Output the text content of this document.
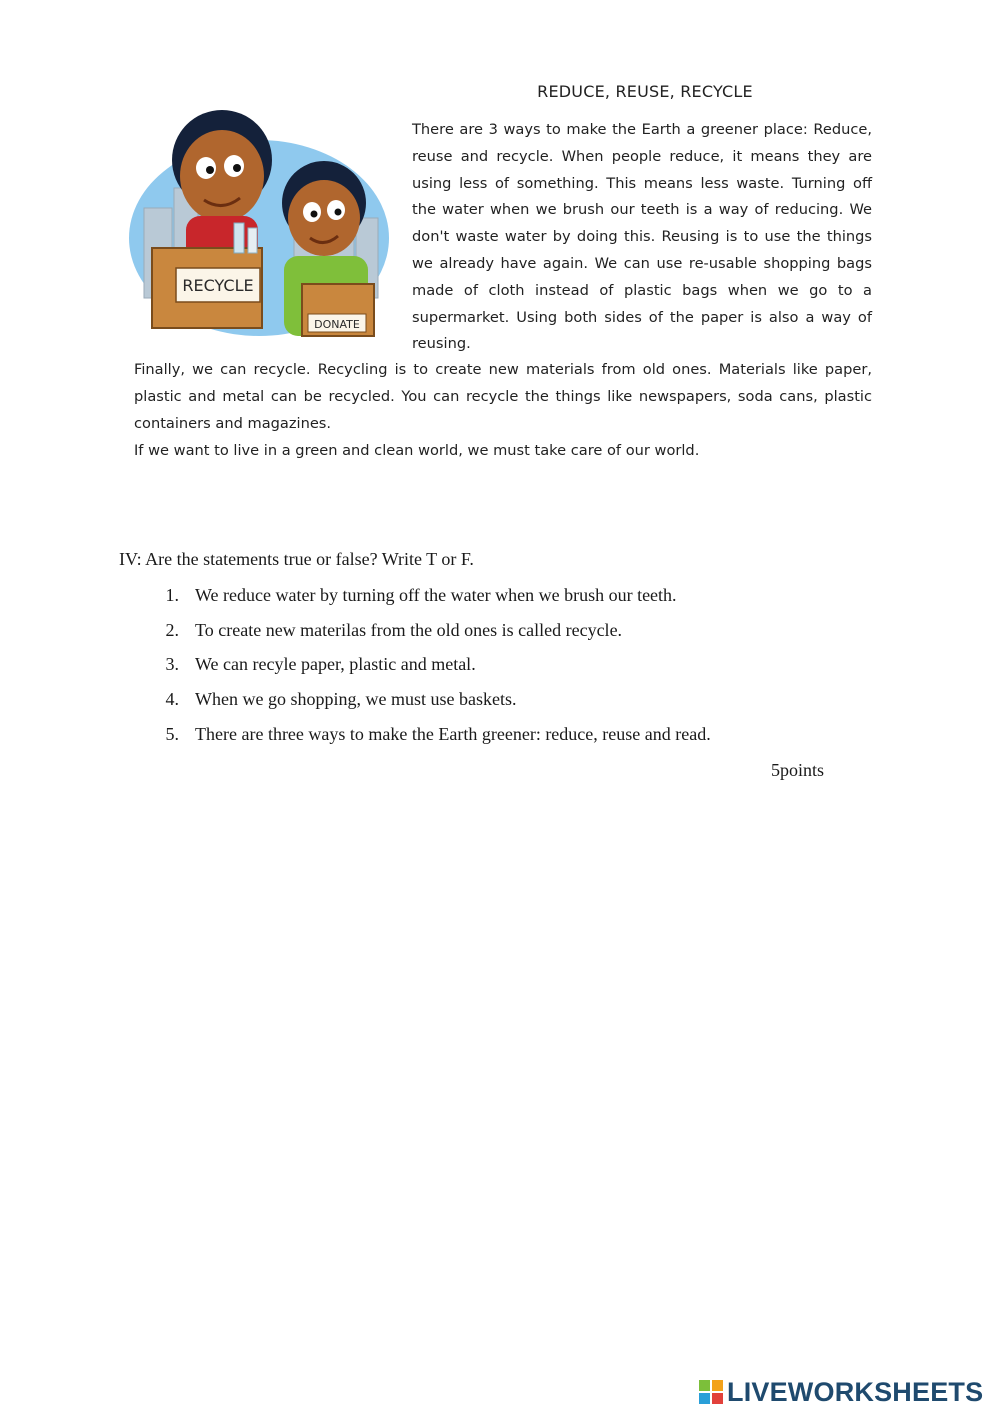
RECYCLE
DONATE
REDUCE, REUSE, RECYCLE
There are 3 ways to make the Earth a greener place: Reduce, reuse and recycle. When people reduce, it means they are using less of something. This means less waste. Turning off the water when we brush our teeth is a way of reducing. We don't waste water by doing this. Reusing is to use the things we already have again. We can use re-usable shopping bags made of cloth instead of plastic bags when we go to a supermarket. Using both sides of the paper is also a way of reusing.
Finally, we can recycle. Recycling is to create new materials from old ones. Materials like paper, plastic and metal can be recycled. You can recycle the things like newspapers, soda cans, plastic containers and magazines.
If we want to live in a green and clean world, we must take care of our world.

IV: Are the statements true or false? Write T or F.

1. We reduce water by turning off the water when we brush our teeth.
2. To create new materilas from the old ones is called recycle.
3. We can recyle paper, plastic and metal.
4. When we go shopping, we must use baskets.
5. There are three ways to make the Earth greener: reduce, reuse and read.
5points
LIVEWORKSHEETS
